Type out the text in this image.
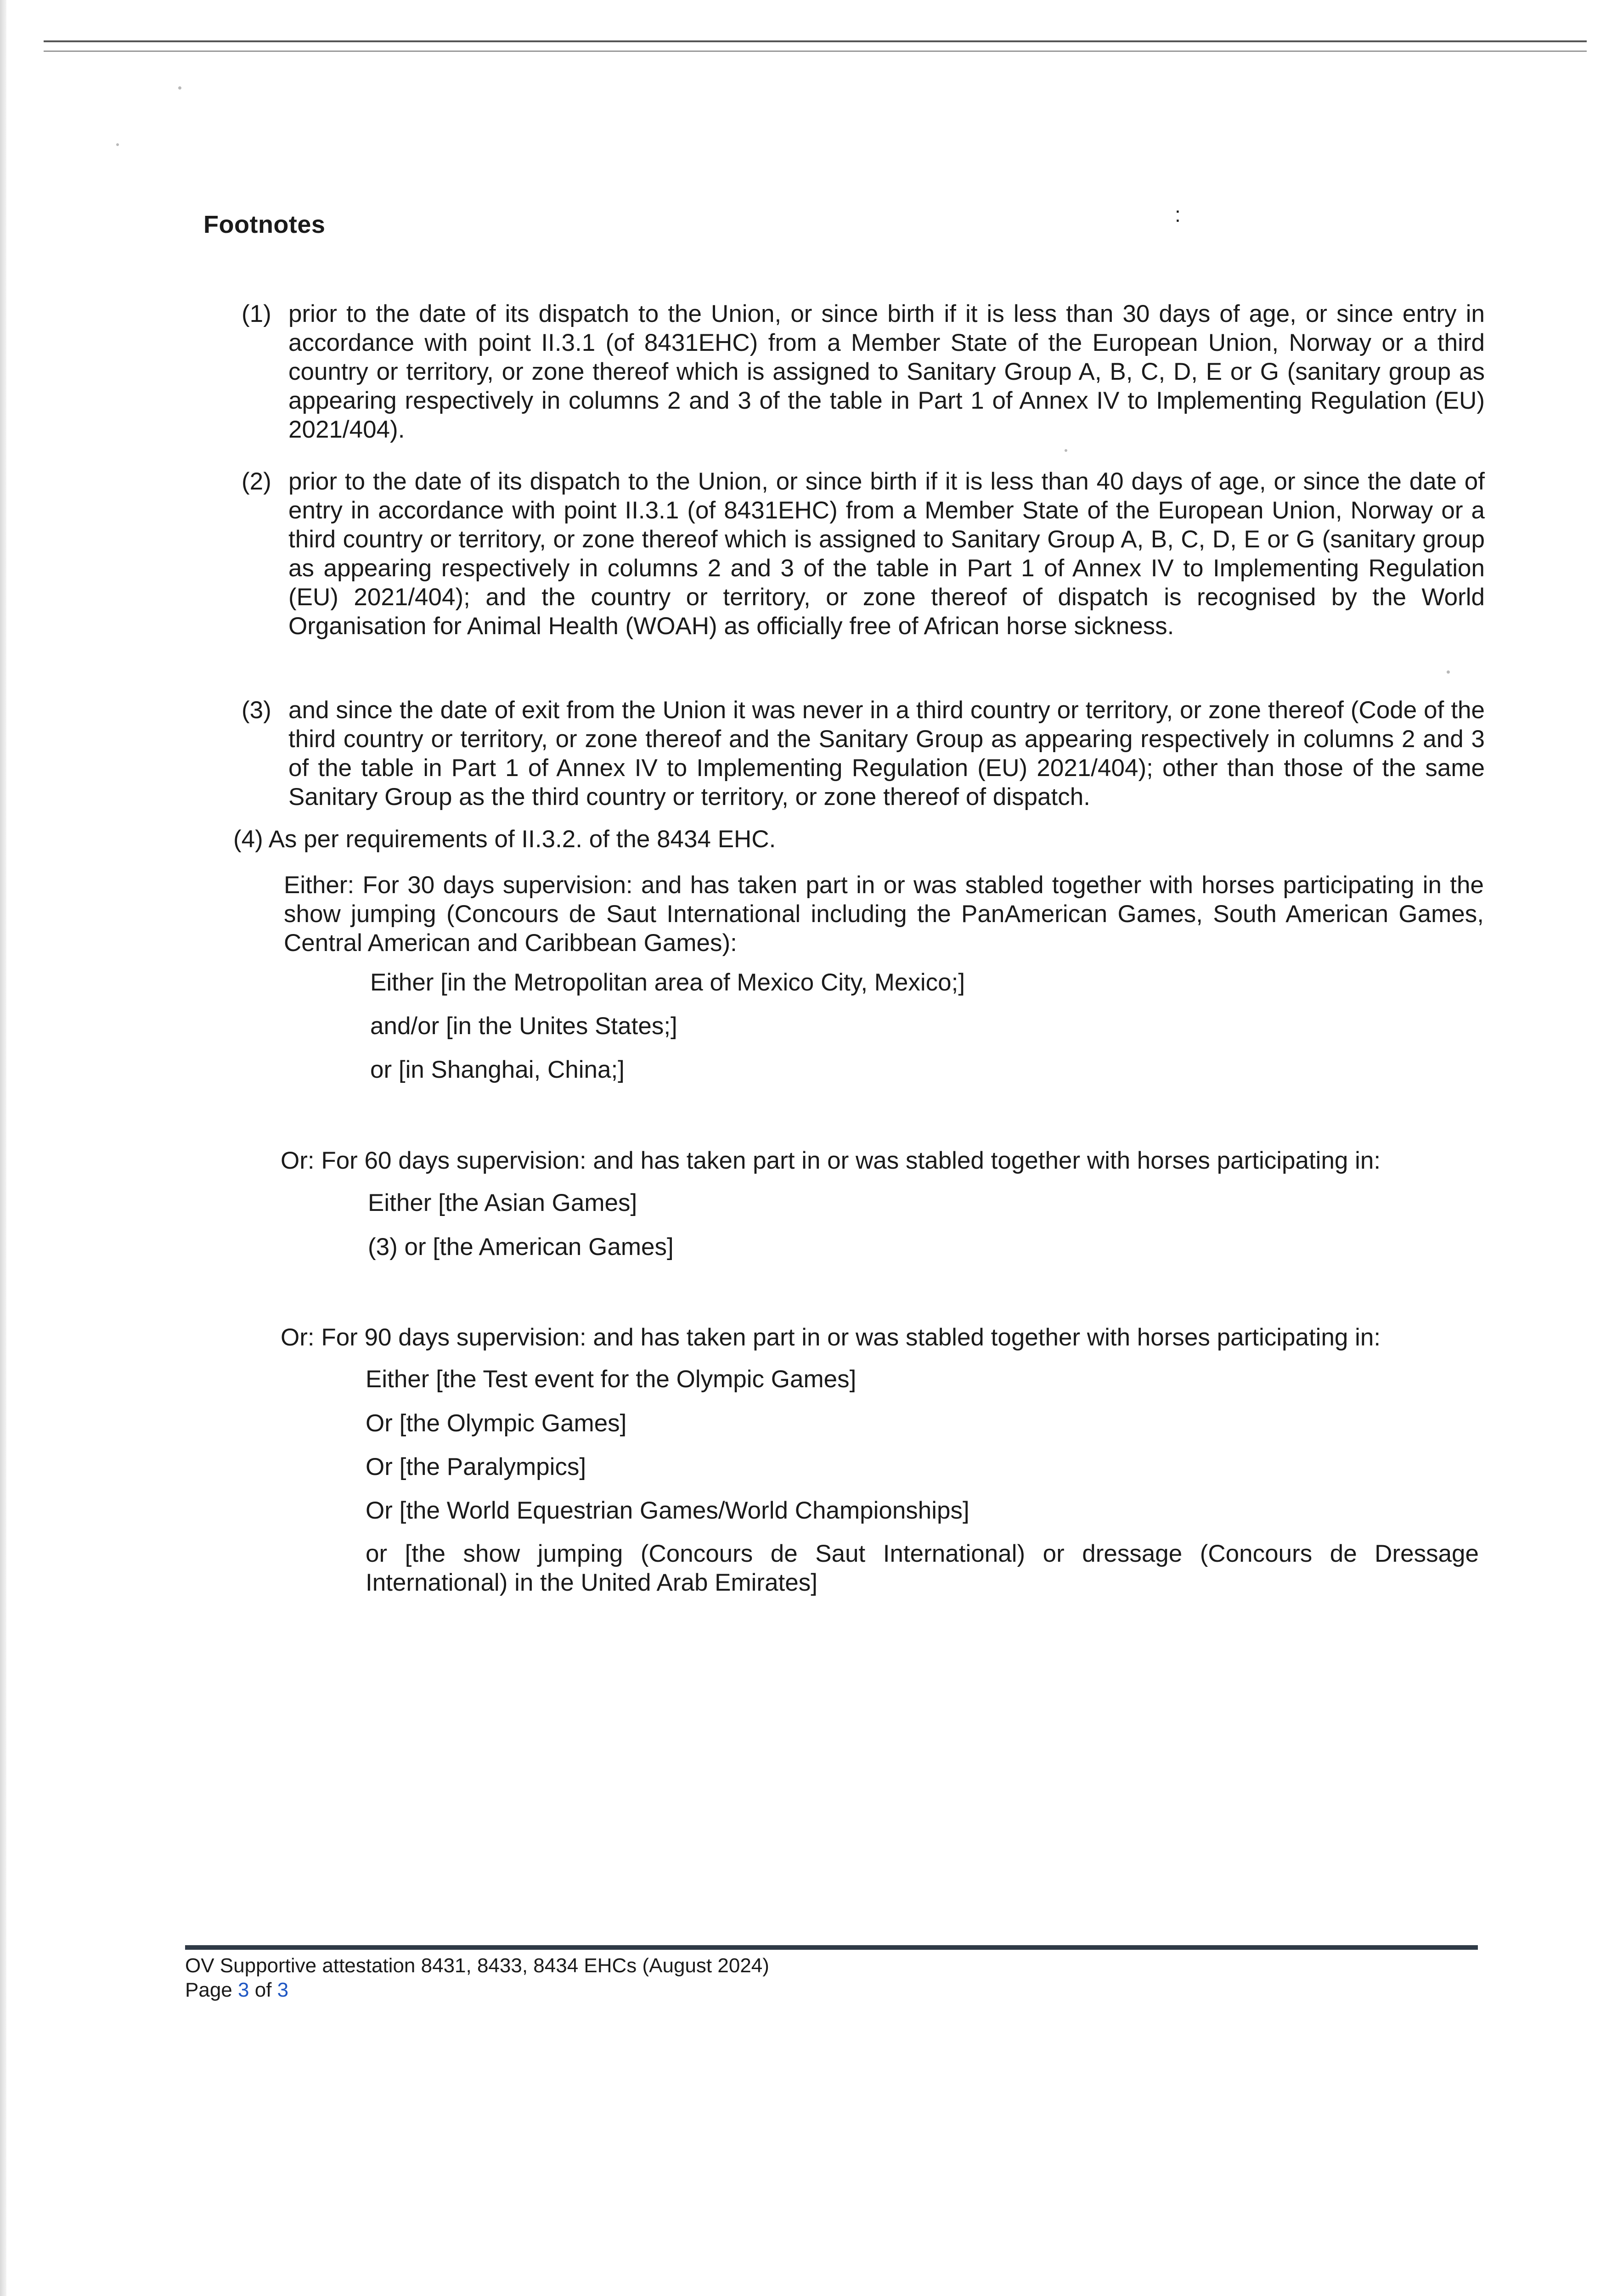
Footnotes	:
(1) prior to the date of its dispatch to the Union, or since birth if it is less than 30 days of age, or since entry in accordance with point II.3.1 (of 8431EHC) from a Member State of the European Union, Norway or a third country or territory, or zone thereof which is assigned to Sanitary Group A, B, C, D, E or G (sanitary group as appearing respectively in columns 2 and 3 of the table in Part 1 of Annex IV to Implementing Regulation (EU) 2021/404).
(2) prior to the date of its dispatch to the Union, or since birth if it is less than 40 days of age, or since the date of entry in accordance with point II.3.1 (of 8431EHC) from a Member State of the European Union, Norway or a third country or territory, or zone thereof which is assigned to Sanitary Group A, B, C, D, E or G (sanitary group as appearing respectively in columns 2 and 3 of the table in Part 1 of Annex IV to Implementing Regulation (EU) 2021/404); and the country or territory, or zone thereof of dispatch is recognised by the World Organisation for Animal Health (WOAH) as officially free of African horse sickness.
(3) and since the date of exit from the Union it was never in a third country or territory, or zone thereof (Code of the third country or territory, or zone thereof and the Sanitary Group as appearing respectively in columns 2 and 3 of the table in Part 1 of Annex IV to Implementing Regulation (EU) 2021/404); other than those of the same Sanitary Group as the third country or territory, or zone thereof of dispatch.
(4) As per requirements of II.3.2. of the 8434 EHC.
Either: For 30 days supervision: and has taken part in or was stabled together with horses participating in the show jumping (Concours de Saut International including the PanAmerican Games, South American Games, Central American and Caribbean Games):
Either [in the Metropolitan area of Mexico City, Mexico;]
and/or [in the Unites States;]
or [in Shanghai, China;]
Or: For 60 days supervision: and has taken part in or was stabled together with horses participating in:
Either [the Asian Games]
(3) or [the American Games]
Or: For 90 days supervision: and has taken part in or was stabled together with horses participating in:
Either [the Test event for the Olympic Games]
Or [the Olympic Games]
Or [the Paralympics]
Or [the World Equestrian Games/World Championships]
or [the show jumping (Concours de Saut International) or dressage (Concours de Dressage International) in the United Arab Emirates]
OV Supportive attestation 8431, 8433, 8434 EHCs (August 2024)
Page 3 of 3
